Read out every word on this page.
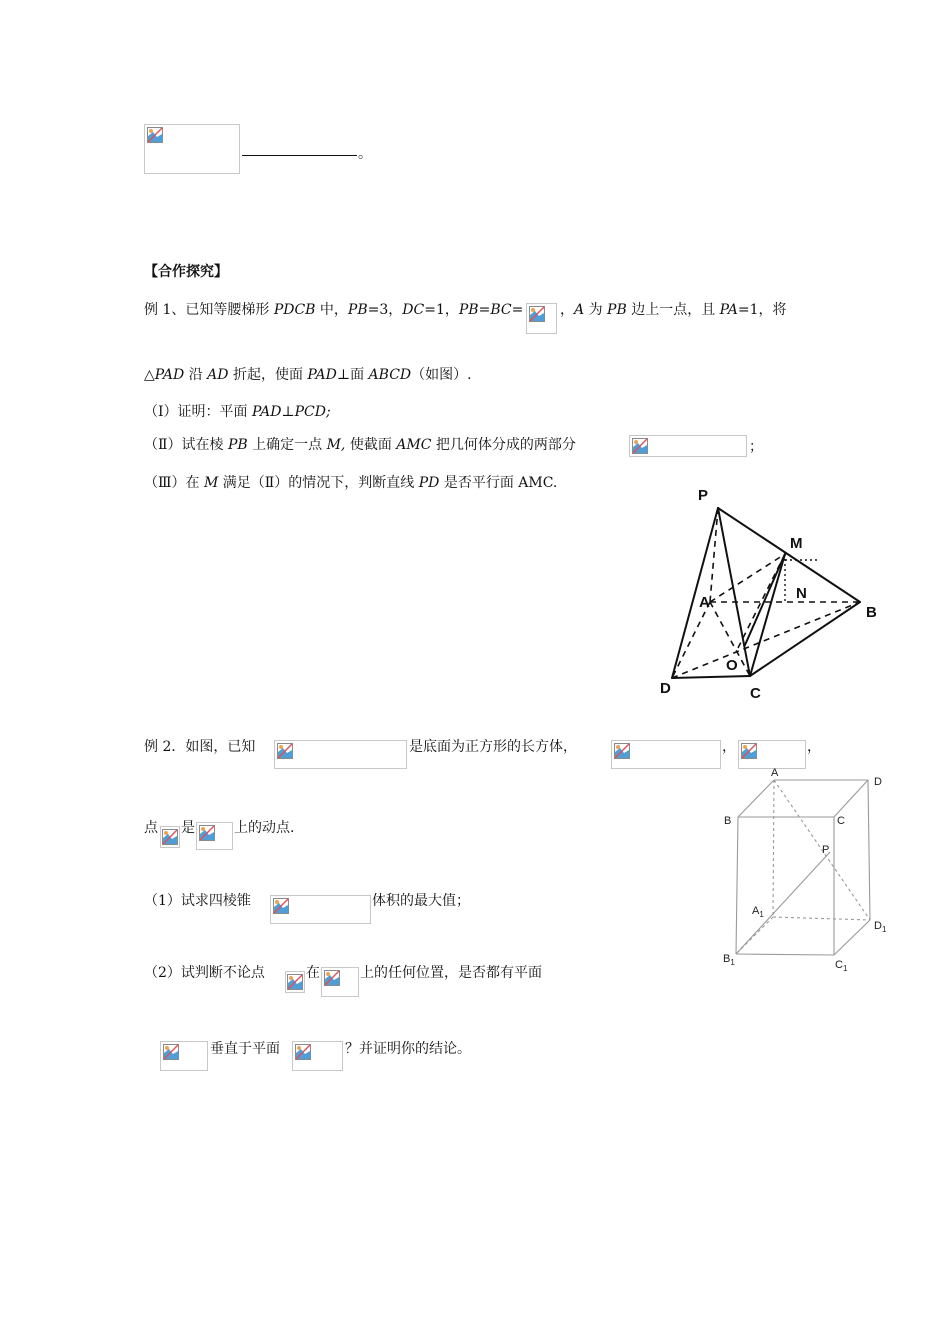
。
【合作探究】
例 1、已知等腰梯形 PDCB 中，PB=3，DC=1，PB=BC=	，A 为 PB 边上一点，且 PA=1，将
△PAD 沿 AD 折起，使面 PAD⊥面 ABCD（如图）.
（Ⅰ）证明：平面 PAD⊥PCD;
（Ⅱ）试在棱 PB 上确定一点 M, 使截面 AMC 把几何体分成的两部分	；
（Ⅲ）在 M 满足（Ⅱ）的情况下，判断直线 PD 是否平行面 AMC.
P
M
N
A
B
O
D	C
例 2．如图，已知	是底面为正方形的长方体，	，	，
点 是	上的动点.
（1）试求四棱锥	体积的最大值；
（2）试判断不论点	在	上的任何位置，是否都有平面
垂直于平面	？并证明你的结论。
A
D
B	C
P
$A_1$
$D_1$
$B_1$	$C_1$
